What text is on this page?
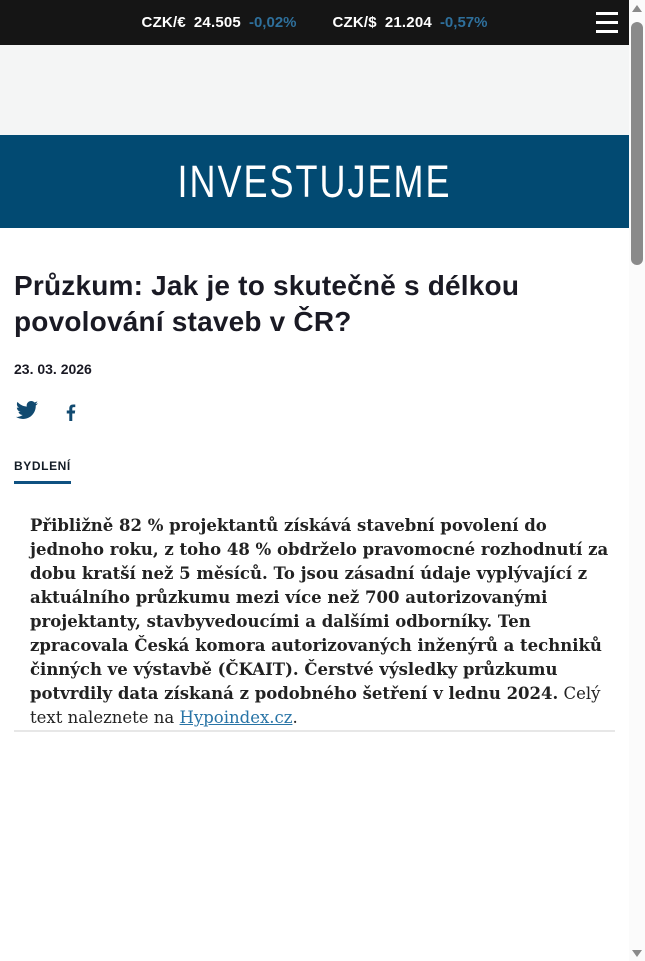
CZK/€ 24.505 -0,02% CZK/$ 21.204 -0,57%
INVESTUJEME
Průzkum: Jak je to skutečně s délkou povolování staveb v ČR?
23. 03. 2026
BYDLENÍ

Přibližně 82 % projektantů získává stavební povolení do jednoho roku, z toho 48 % obdrželo pravomocné rozhodnutí za dobu kratší než 5 měsíců. To jsou zásadní údaje vyplývající z aktuálního průzkumu mezi více než 700 autorizovanými projektanty, stavbyvedoucími a dalšími odborníky. Ten zpracovala Česká komora autorizovaných inženýrů a techniků činných ve výstavbě (ČKAIT). Čerstvé výsledky průzkumu potvrdily data získaná z podobného šetření v lednu 2024. Celý text naleznete na Hypoindex.cz.
